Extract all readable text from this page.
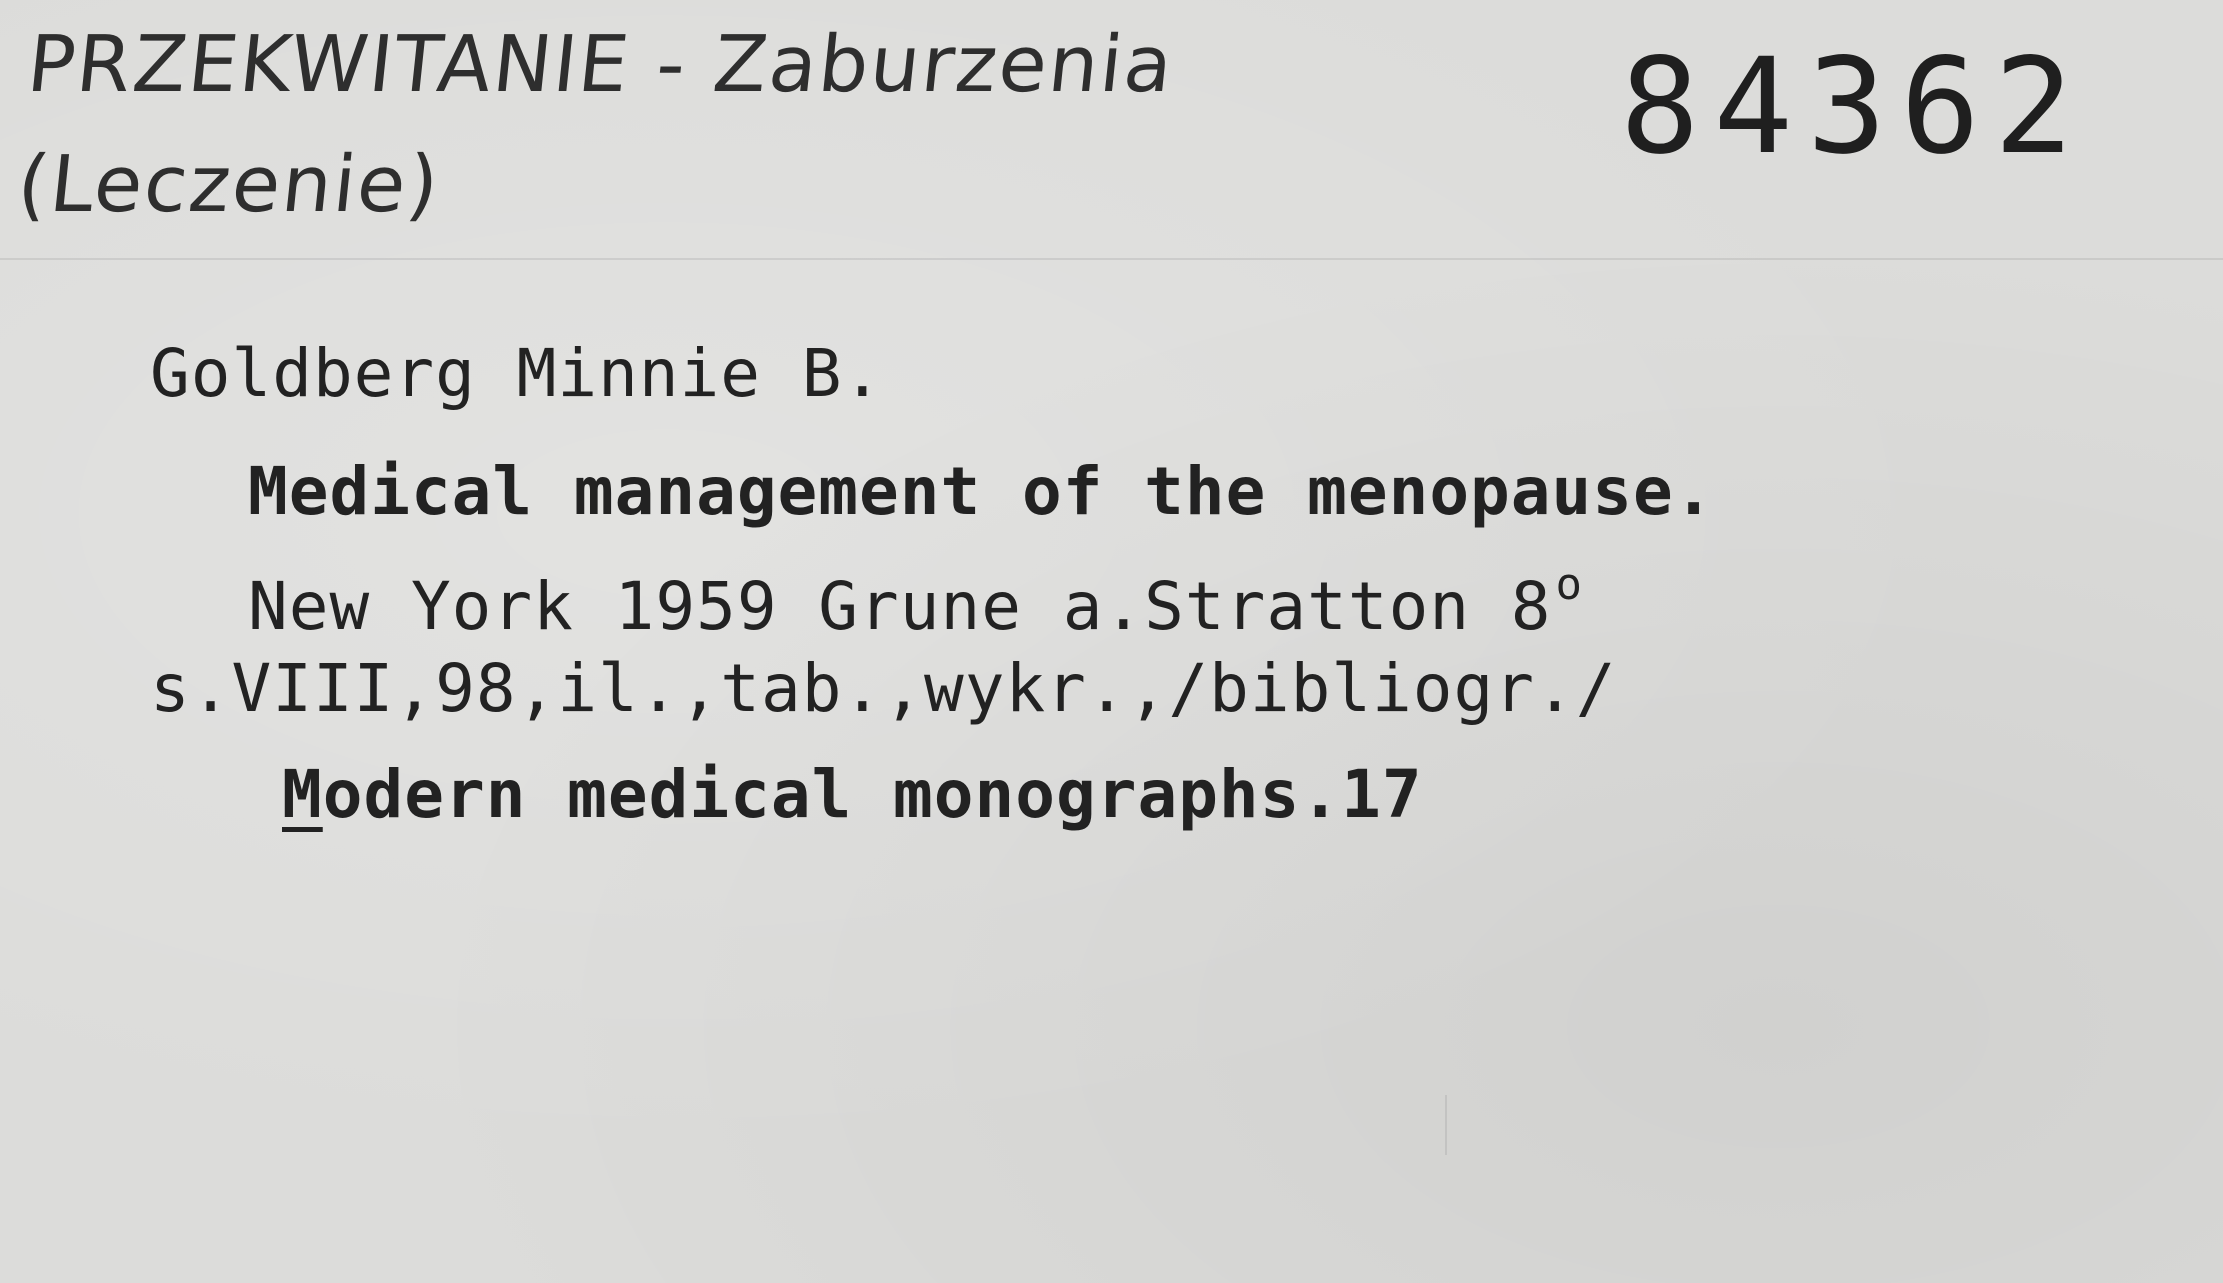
PRZEKWITANIE - Zaburzenia
(Leczenie)
84362
Goldberg Minnie B.
Medical management of the menopause.
New York 1959 Grune a.Stratton 8$^o$
s.VIII,98,il.,tab.,wykr.,/bibliogr./
Modern medical monographs.17
